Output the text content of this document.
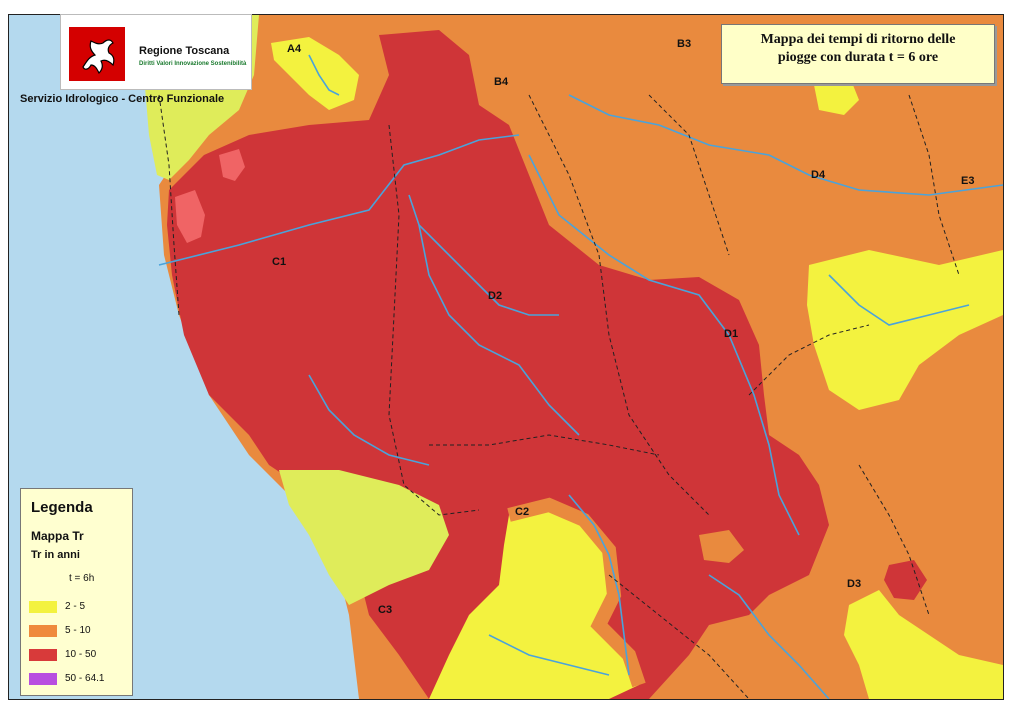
A4	B3
B4
C1
C2
C3
D1
D2
D3
D4	E3
Regione Toscana
Diritti Valori Innovazione Sostenibilità
Servizio Idrologico - Centro Funzionale
Mappa dei tempi di ritorno delle
piogge con durata t = 6 ore
Legenda
Mappa Tr
Tr in anni
t = 6h
2 - 5
5 - 10
10 - 50
50 - 64.1
